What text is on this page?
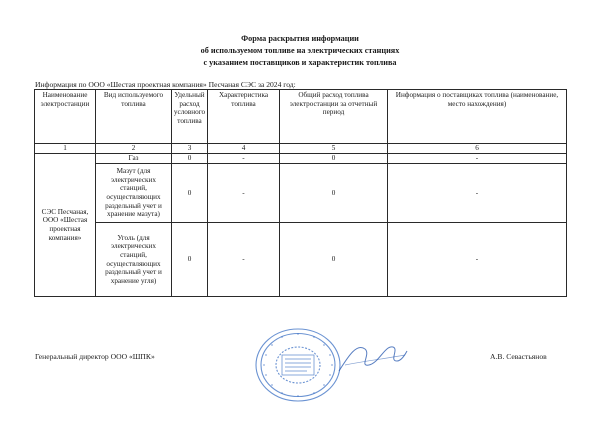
Форма раскрытия информации
об используемом топливе на электрических станциях
с указанием поставщиков и характеристик топлива
Информация по ООО «Шестая проектная компания» Песчаная СЭС за 2024 год:
Наименование электростанции	Вид используемого топлива	Удельный расход условного топлива	Характеристика топлива	Общий расход топлива электростанции за отчетный период	Информация о поставщиках топлива (наименование, место нахождения)
1	2	3	4	5	6
СЭС Песчаная, ООО «Шестая проектная компания»	Газ	0	-	0	-
	Мазут (для электрических станций, осуществляющих раздельный учет и хранение мазута)	0	-	0	-
	Уголь (для электрических станций, осуществляющих раздельный учет и хранение угля)	0	-	0	-
Генеральный директор ООО «ШПК»	А.В. Севастьянов
